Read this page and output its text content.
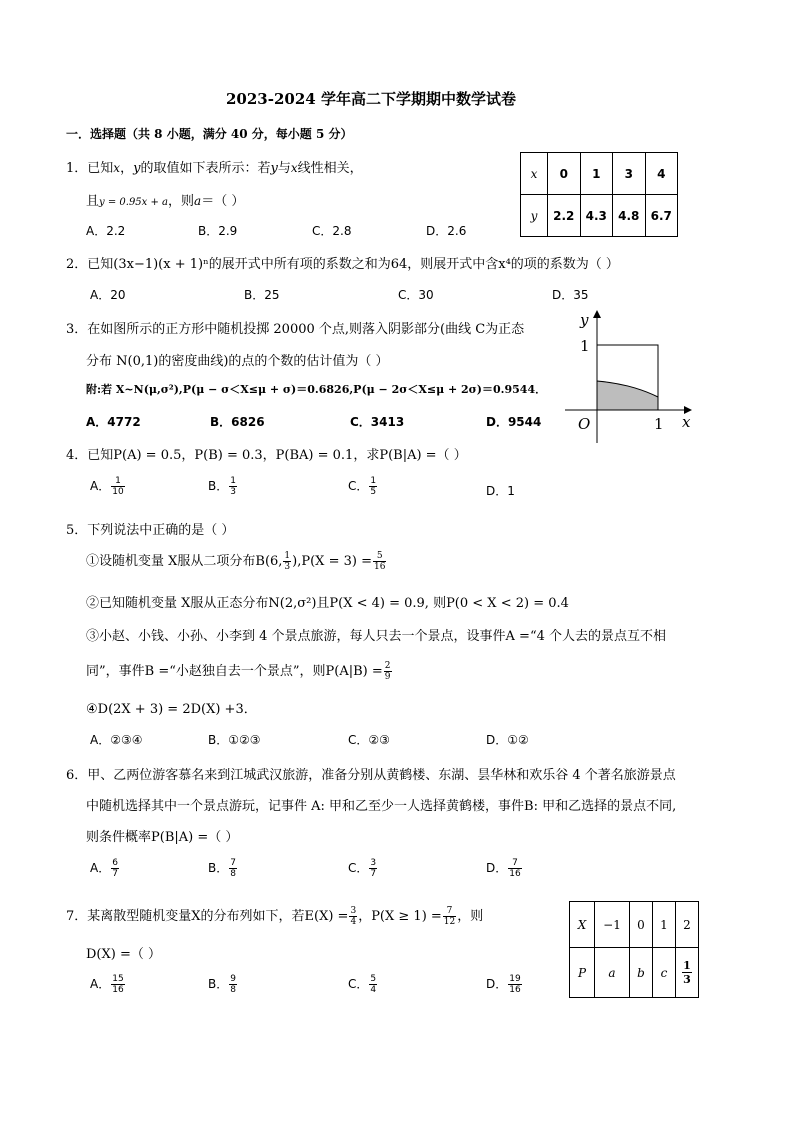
2023-2024 学年高二下学期期中数学试卷
一．选择题（共 8 小题，满分 40 分，每小题 5 分）
1．已知x，y的取值如下表所示：若y与x线性相关，
且y = 0.95x + a，则a＝（ ）
A．2.2	B．2.9	C．2.8	D．2.6
x	0	1	3	4
y	2.2	4.3	4.8	6.7
2．已知(3x−1)(x + 1)ⁿ的展开式中所有项的系数之和为64，则展开式中含x⁴的项的系数为（ ）
A．20	B．25	C．30	D．35
3．在如图所示的正方形中随机投掷 20000 个点,则落入阴影部分(曲线 C为正态
分布 N(0,1)的密度曲线)的点的个数的估计值为（ ）
附:若 X~N(μ,σ²),P(μ − σ＜X≤μ + σ)＝0.6826,P(μ − 2σ＜X≤μ + 2σ)＝0.9544．
A．4772	B．6826	C．3413	D．9544
y
x
O	1
1
4．已知P(A) = 0.5，P(B) = 0.3，P(BA) = 0.1，求P(B|A) =（ ）
A． $\frac{1}{10}$	B． $\frac{1}{3}$	C． $\frac{1}{5}$	D．1
5．下列说法中正确的是（ ）
①设随机变量 X服从二项分布B(6, $\frac{1}{3} ),P(X = 3) = \frac{5}{16}$
②已知随机变量 X服从正态分布N(2,σ²)且P(X < 4) = 0.9, 则P(0 < X < 2) = 0.4
③小赵、小钱、小孙、小李到 4 个景点旅游，每人只去一个景点，设事件A =“4 个人去的景点互不相
同”，事件B =“小赵独自去一个景点”，则$P(A|B) = \frac{2}{9}$
④D(2X + 3) = 2D(X) +3．
A．②③④	B．①②③	C．②③	D．①②
6．甲、乙两位游客慕名来到江城武汉旅游，准备分别从黄鹤楼、东湖、昙华林和欢乐谷 4 个著名旅游景点
中随机选择其中一个景点游玩，记事件 A: 甲和乙至少一人选择黄鹤楼，事件B: 甲和乙选择的景点不同,
则条件概率P(B|A) =（ ）
A． $\frac{6}{7}$	B． $\frac{7}{8}$	C． $\frac{3}{7}$	D． $\frac{7}{16}$
7．某离散型随机变量X的分布列如下，若$E(X) = \frac{3}{4}$ ，$P(X \ge 1) = \frac{7}{12}$ ，则
D(X) =（ ）
A． $\frac{15}{16}$	B． $\frac{9}{8}$	C． $\frac{5}{4}$	D． $\frac{19}{16}$
X	−1	0	1	2
P	a	b	c	$\frac{1}{3}$
